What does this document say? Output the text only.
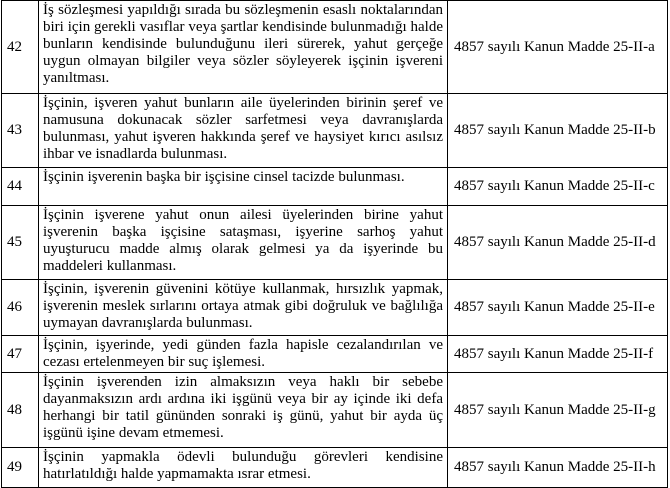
42	İş sözleşmesi yapıldığı sırada bu sözleşmenin esaslı noktalarından biri için gerekli vasıflar veya şartlar kendisinde bulunmadığı halde bunların kendisinde bulunduğunu ileri sürerek, yahut gerçeğe uygun olmayan bilgiler veya sözler söyleyerek işçinin işvereni yanıltması.	4857 sayılı Kanun Madde 25-II-a
43	İşçinin, işveren yahut bunların aile üyelerinden birinin şeref ve namusuna dokunacak sözler sarfetmesi veya davranışlarda bulunması, yahut işveren hakkında şeref ve haysiyet kırıcı asılsız ihbar ve isnadlarda bulunması.	4857 sayılı Kanun Madde 25-II-b
44	İşçinin işverenin başka bir işçisine cinsel tacizde bulunması.	4857 sayılı Kanun Madde 25-II-c
45	İşçinin işverene yahut onun ailesi üyelerinden birine yahut işverenin başka işçisine sataşması, işyerine sarhoş yahut uyuşturucu madde almış olarak gelmesi ya da işyerinde bu maddeleri kullanması.	4857 sayılı Kanun Madde 25-II-d
46	İşçinin, işverenin güvenini kötüye kullanmak, hırsızlık yapmak, işverenin meslek sırlarını ortaya atmak gibi doğruluk ve bağlılığa uymayan davranışlarda bulunması.	4857 sayılı Kanun Madde 25-II-e
47	İşçinin, işyerinde, yedi günden fazla hapisle cezalandırılan ve cezası ertelenmeyen bir suç işlemesi.	4857 sayılı Kanun Madde 25-II-f
48	İşçinin işverenden izin almaksızın veya haklı bir sebebe dayanmaksızın ardı ardına iki işgünü veya bir ay içinde iki defa herhangi bir tatil gününden sonraki iş günü, yahut bir ayda üç işgünü işine devam etmemesi.	4857 sayılı Kanun Madde 25-II-g
49	İşçinin yapmakla ödevli bulunduğu görevleri kendisine hatırlatıldığı halde yapmamakta ısrar etmesi.	4857 sayılı Kanun Madde 25-II-h
